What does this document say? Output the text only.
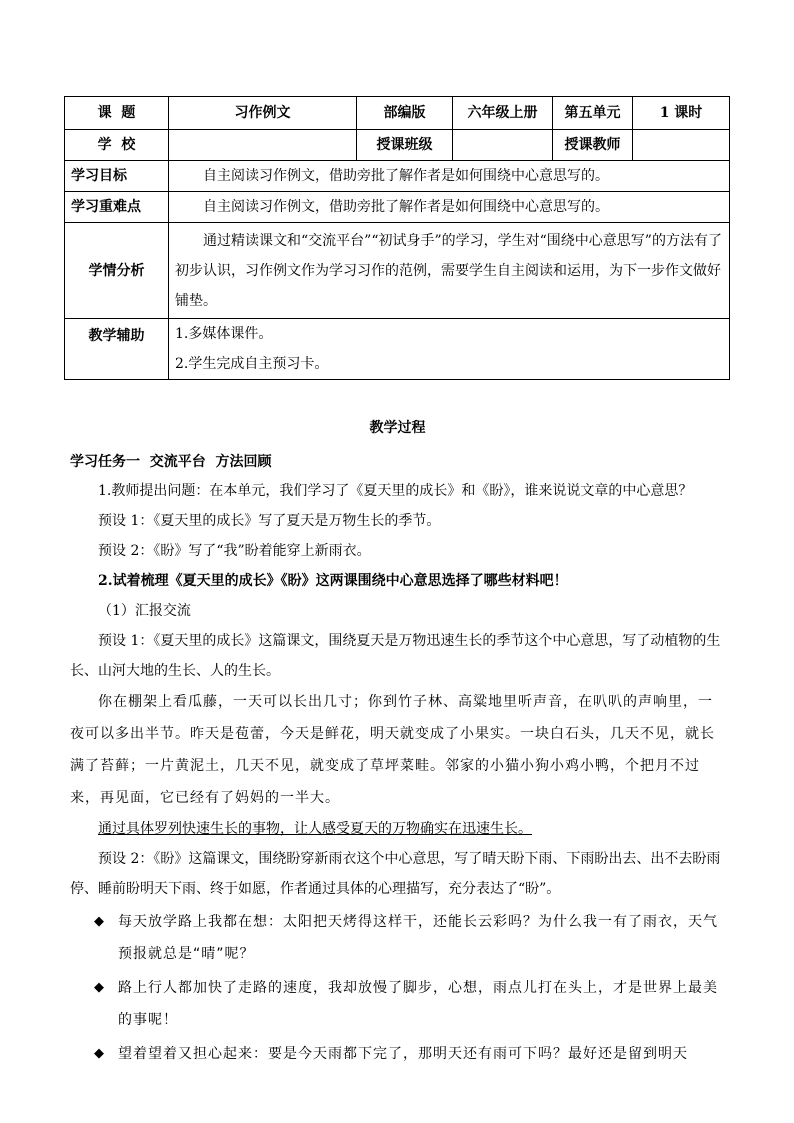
课  题	习作例文	部编版	六年级上册	第五单元	1 课时
学  校		授课班级		授课教师	
学习目标	自主阅读习作例文，借助旁批了解作者是如何围绕中心意思写的。				
学习重难点	自主阅读习作例文，借助旁批了解作者是如何围绕中心意思写的。				
学情分析	通过精读课文和“交流平台”“初试身手”的学习，学生对“围绕中心意思写”的方法有了初步认识，习作例文作为学习习作的范例，需要学生自主阅读和运用，为下一步作文做好铺垫。				
教学辅助	1.多媒体课件。
2.学生完成自主预习卡。				
教学过程
学习任务一  交流平台  方法回顾

1.教师提出问题：在本单元，我们学习了《夏天里的成长》和《盼》，谁来说说文章的中心意思？

预设 1：《夏天里的成长》写了夏天是万物生长的季节。

预设 2：《盼》写了“我”盼着能穿上新雨衣。

2.试着梳理《夏天里的成长》《盼》这两课围绕中心意思选择了哪些材料吧！

（1）汇报交流

预设 1：《夏天里的成长》这篇课文，围绕夏天是万物迅速生长的季节这个中心意思，写了动植物的生长、山河大地的生长、人的生长。

你在棚架上看瓜藤，一天可以长出几寸；你到竹子林、高粱地里听声音，在叭叭的声响里，一夜可以多出半节。昨天是苞蕾，今天是鲜花，明天就变成了小果实。一块白石头，几天不见，就长满了苔藓；一片黄泥土，几天不见，就变成了草坪菜畦。邻家的小猫小狗小鸡小鸭，个把月不过来，再见面，它已经有了妈妈的一半大。

通过具体罗列快速生长的事物，让人感受夏天的万物确实在迅速生长。

预设 2：《盼》这篇课文，围绕盼穿新雨衣这个中心意思，写了晴天盼下雨、下雨盼出去、出不去盼雨停、睡前盼明天下雨、终于如愿，作者通过具体的心理描写，充分表达了“盼”。

◆ 每天放学路上我都在想：太阳把天烤得这样干，还能长云彩吗？为什么我一有了雨衣，天气预报就总是“晴”呢？
◆ 路上行人都加快了走路的速度，我却放慢了脚步，心想，雨点儿打在头上，才是世界上最美的事呢！
◆ 望着望着又担心起来：要是今天雨都下完了，那明天还有雨可下吗？最好还是留到明天
